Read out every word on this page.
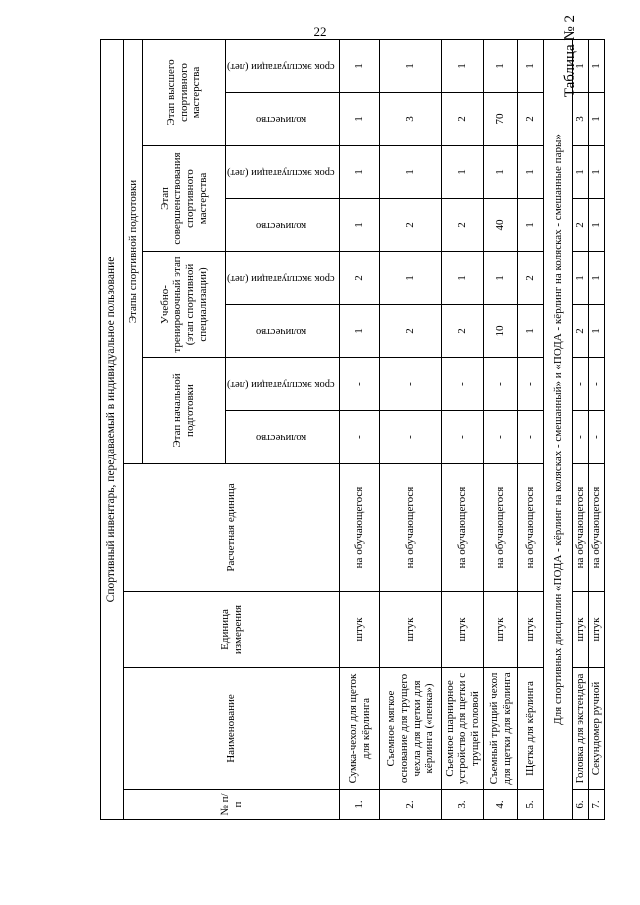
22	Таблица № 2
Спортивный инвентарь, передаваемый в индивидуальное пользование											
№ п/п	Наименование	Единица измерения	Расчетная единица	Этапы спортивной подготовки							
				Этап начальной подготовки		Учебно-тренировочный этап (этап спортивной специализации)		Этап совершенствования спортивного мастерства		Этап высшего спортивного мастерства	
				количество	срок эксплуатации (лет)	количество	срок эксплуатации (лет)	количество	срок эксплуатации (лет)	количество	срок эксплуатации (лет)
1.	Сумка-чехол для щеток для кёрлинга	штук	на обучающегося	-	-	1	2	1	1	1	1
2.	Съемное мягкое основание для трущего чехла для щетки для кёрлинга («пенка»)	штук	на обучающегося	-	-	2	1	2	1	3	1
3.	Съемное шарнирное устройство для щетки с трущей головой	штук	на обучающегося	-	-	2	1	2	1	2	1
4.	Съемный трущий чехол для щетки для кёрлинга	штук	на обучающегося	-	-	10	1	40	1	70	1
5.	Щетка для кёрлинга	штук	на обучающегося	-	-	1	2	1	1	2	1
Для спортивных дисциплин «ПОДА - кёрлинг на колясках - смешанный» и «ПОДА - кёрлинг на колясках - смешанные пары»											
6.	Головка для экстендера	штук	на обучающегося	-	-	2	1	2	1	3	1
7.	Секундомер ручной	штук	на обучающегося	-	-	1	1	1	1	1	1
